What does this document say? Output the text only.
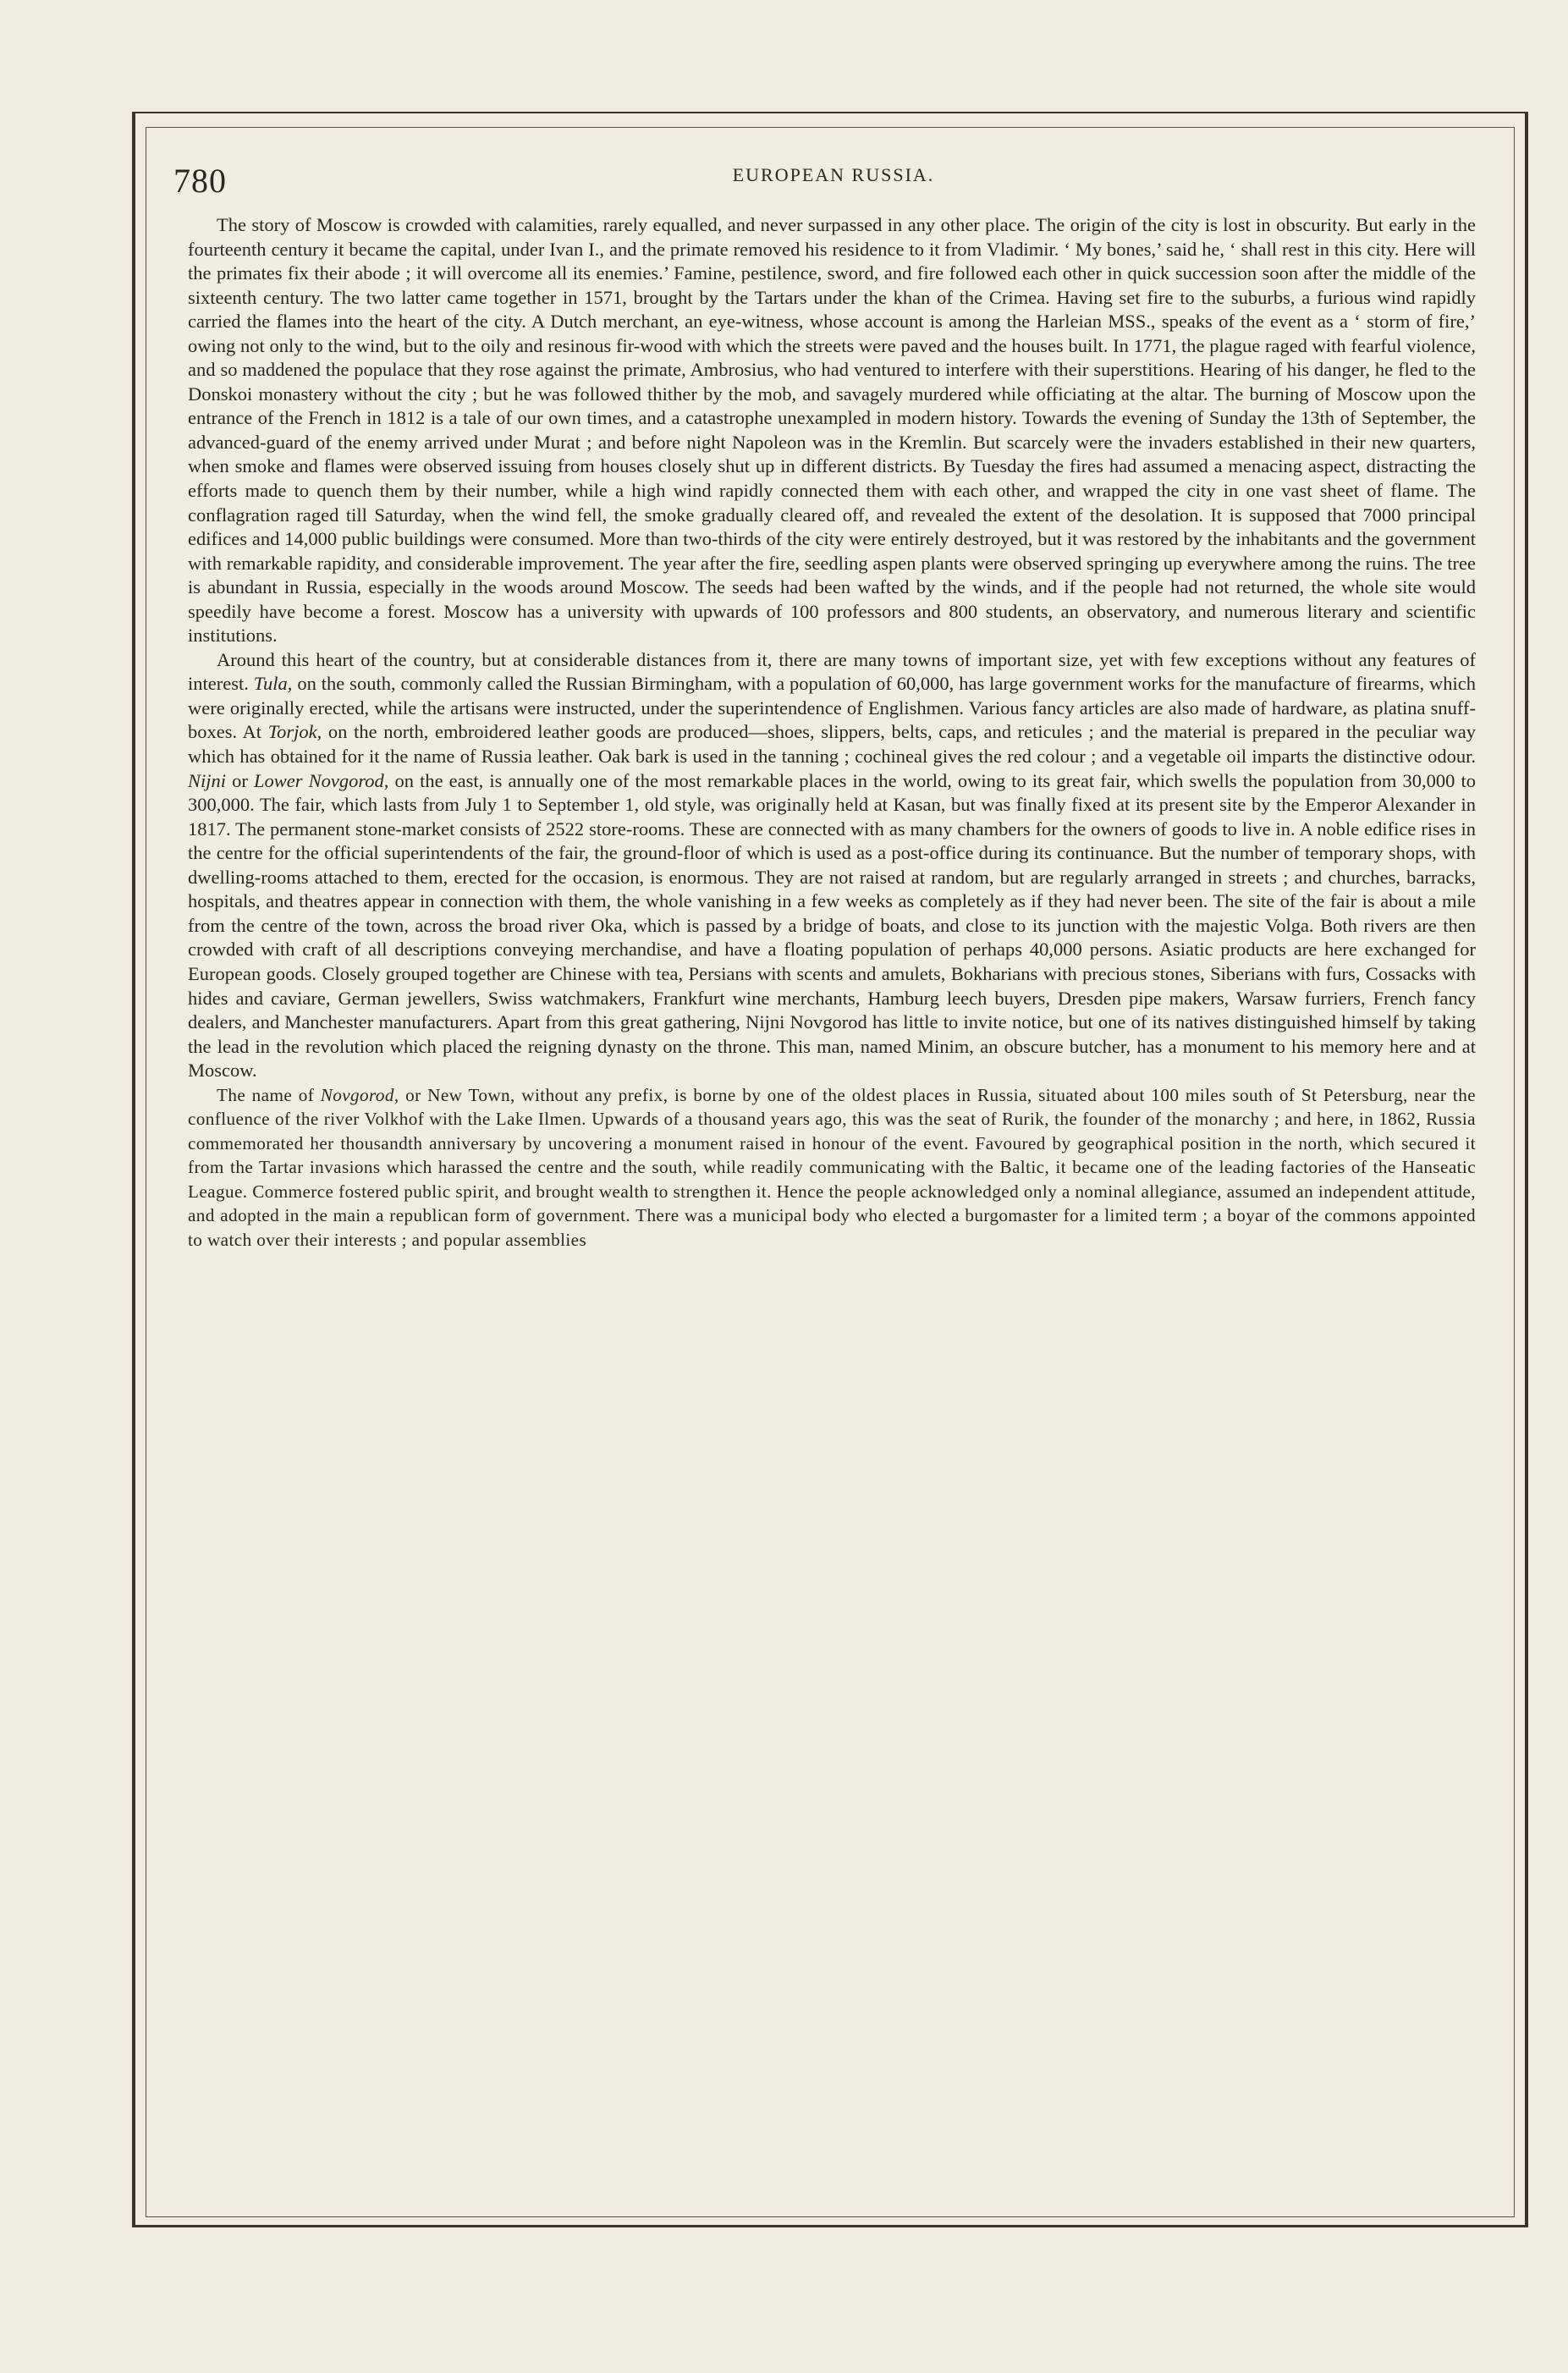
780	EUROPEAN RUSSIA.

The story of Moscow is crowded with calamities, rarely equalled, and never surpassed in any other place. The origin of the city is lost in obscurity. But early in the fourteenth century it became the capital, under Ivan I., and the primate removed his residence to it from Vladimir. ‘ My bones,’ said he, ‘ shall rest in this city. Here will the primates fix their abode ; it will overcome all its enemies.’ Famine, pestilence, sword, and fire followed each other in quick succession soon after the middle of the sixteenth century. The two latter came together in 1571, brought by the Tartars under the khan of the Crimea. Having set fire to the suburbs, a furious wind rapidly carried the flames into the heart of the city. A Dutch merchant, an eye-witness, whose account is among the Harleian MSS., speaks of the event as a ‘ storm of fire,’ owing not only to the wind, but to the oily and resinous fir-wood with which the streets were paved and the houses built. In 1771, the plague raged with fearful violence, and so maddened the populace that they rose against the primate, Ambrosius, who had ventured to interfere with their superstitions. Hearing of his danger, he fled to the Donskoi monastery without the city ; but he was followed thither by the mob, and savagely murdered while officiating at the altar. The burning of Moscow upon the entrance of the French in 1812 is a tale of our own times, and a catastrophe unexampled in modern history. Towards the evening of Sunday the 13th of September, the advanced-guard of the enemy arrived under Murat ; and before night Napoleon was in the Kremlin. But scarcely were the invaders established in their new quarters, when smoke and flames were observed issuing from houses closely shut up in different districts. By Tuesday the fires had assumed a menacing aspect, distracting the efforts made to quench them by their number, while a high wind rapidly connected them with each other, and wrapped the city in one vast sheet of flame. The conflagration raged till Saturday, when the wind fell, the smoke gradually cleared off, and revealed the extent of the desolation. It is supposed that 7000 principal edifices and 14,000 public buildings were consumed. More than two-thirds of the city were entirely destroyed, but it was restored by the inhabitants and the government with remarkable rapidity, and considerable improvement. The year after the fire, seedling aspen plants were observed springing up everywhere among the ruins. The tree is abundant in Russia, especially in the woods around Moscow. The seeds had been wafted by the winds, and if the people had not returned, the whole site would speedily have become a forest. Moscow has a university with upwards of 100 professors and 800 students, an observatory, and numerous literary and scientific institutions.

Around this heart of the country, but at considerable distances from it, there are many towns of important size, yet with few exceptions without any features of interest. Tula, on the south, commonly called the Russian Birmingham, with a population of 60,000, has large government works for the manufacture of firearms, which were originally erected, while the artisans were instructed, under the superintendence of Englishmen. Various fancy articles are also made of hardware, as platina snuff-boxes. At Torjok, on the north, embroidered leather goods are produced—shoes, slippers, belts, caps, and reticules ; and the material is prepared in the peculiar way which has obtained for it the name of Russia leather. Oak bark is used in the tanning ; cochineal gives the red colour ; and a vegetable oil imparts the distinctive odour. Nijni or Lower Novgorod, on the east, is annually one of the most remarkable places in the world, owing to its great fair, which swells the population from 30,000 to 300,000. The fair, which lasts from July 1 to September 1, old style, was originally held at Kasan, but was finally fixed at its present site by the Emperor Alexander in 1817. The permanent stone-market consists of 2522 store-rooms. These are connected with as many chambers for the owners of goods to live in. A noble edifice rises in the centre for the official superintendents of the fair, the ground-floor of which is used as a post-office during its continuance. But the number of temporary shops, with dwelling-rooms attached to them, erected for the occasion, is enormous. They are not raised at random, but are regularly arranged in streets ; and churches, barracks, hospitals, and theatres appear in connection with them, the whole vanishing in a few weeks as completely as if they had never been. The site of the fair is about a mile from the centre of the town, across the broad river Oka, which is passed by a bridge of boats, and close to its junction with the majestic Volga. Both rivers are then crowded with craft of all descriptions conveying merchandise, and have a floating population of perhaps 40,000 persons. Asiatic products are here exchanged for European goods. Closely grouped together are Chinese with tea, Persians with scents and amulets, Bokharians with precious stones, Siberians with furs, Cossacks with hides and caviare, German jewellers, Swiss watchmakers, Frankfurt wine merchants, Hamburg leech buyers, Dresden pipe makers, Warsaw furriers, French fancy dealers, and Manchester manufacturers. Apart from this great gathering, Nijni Novgorod has little to invite notice, but one of its natives distinguished himself by taking the lead in the revolution which placed the reigning dynasty on the throne. This man, named Minim, an obscure butcher, has a monument to his memory here and at Moscow.

The name of Novgorod, or New Town, without any prefix, is borne by one of the oldest places in Russia, situated about 100 miles south of St Petersburg, near the confluence of the river Volkhof with the Lake Ilmen. Upwards of a thousand years ago, this was the seat of Rurik, the founder of the monarchy ; and here, in 1862, Russia commemorated her thousandth anniversary by uncovering a monument raised in honour of the event. Favoured by geographical position in the north, which secured it from the Tartar invasions which harassed the centre and the south, while readily communicating with the Baltic, it became one of the leading factories of the Hanseatic League. Commerce fostered public spirit, and brought wealth to strengthen it. Hence the people acknowledged only a nominal allegiance, assumed an independent attitude, and adopted in the main a republican form of government. There was a municipal body who elected a burgomaster for a limited term ; a boyar of the commons appointed to watch over their interests ; and popular assemblies
